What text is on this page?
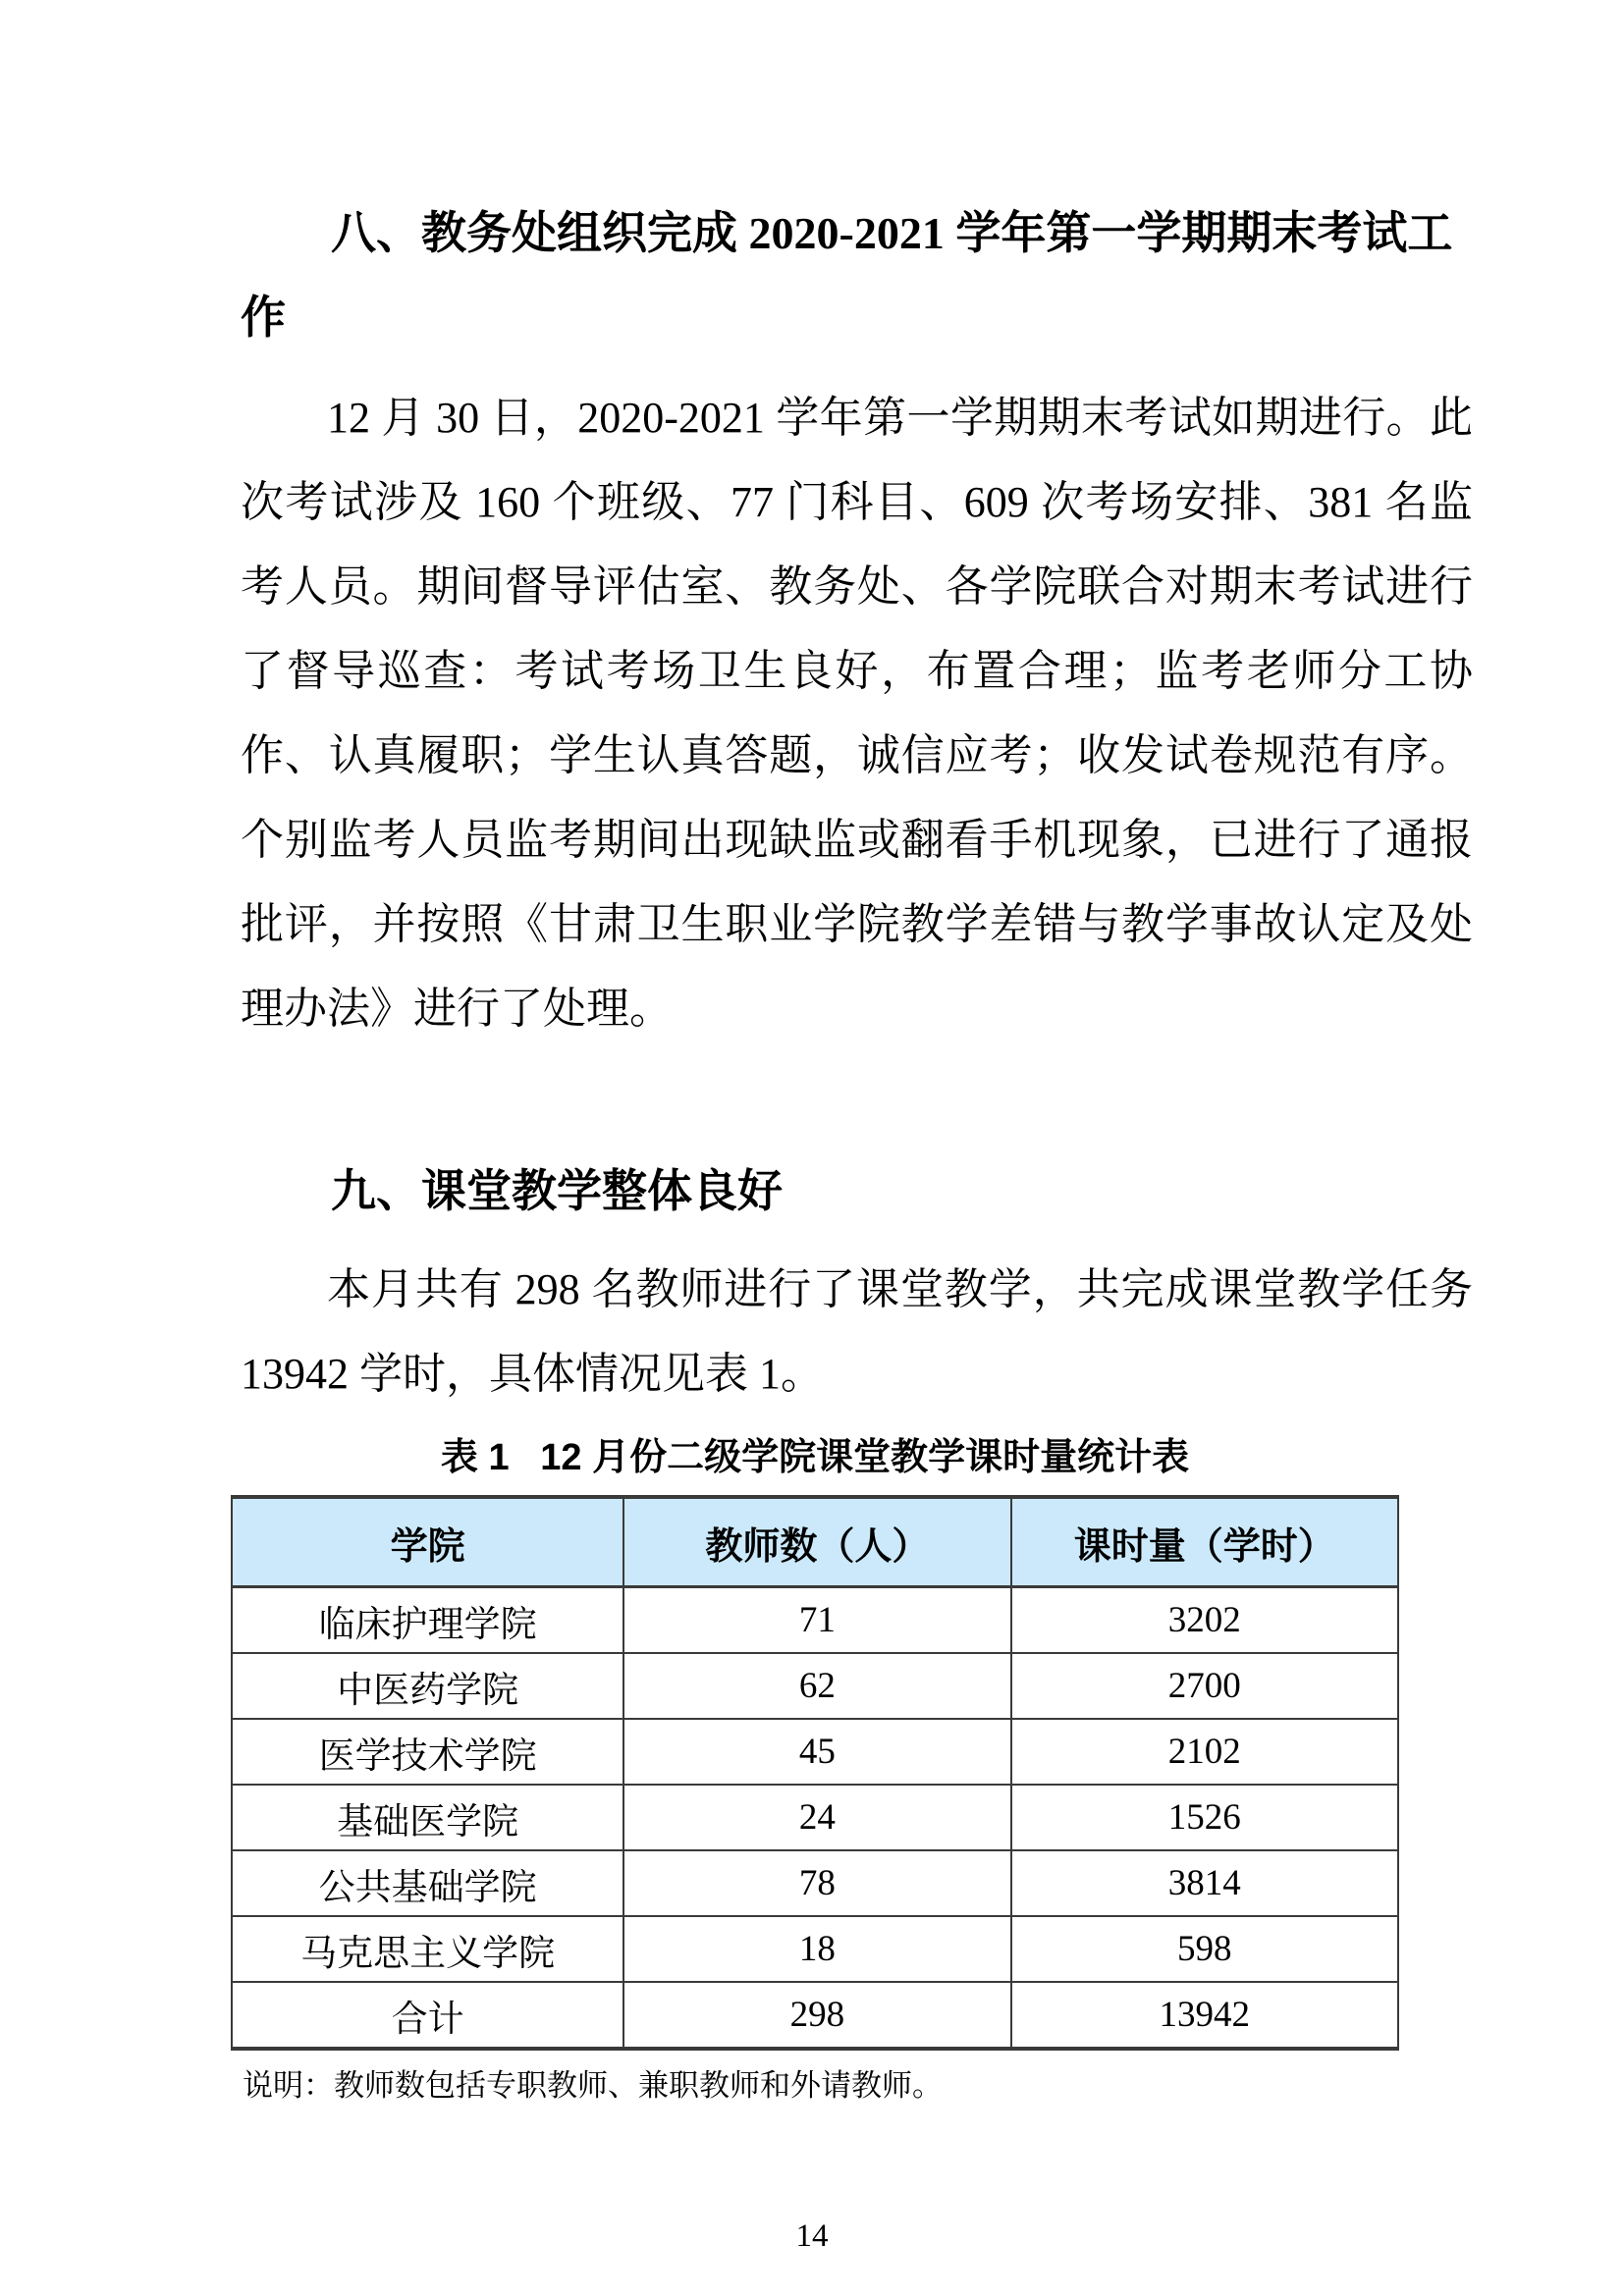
八、教务处组织完成 2020-2021 学年第一学期期末考试工作

12 月 30 日，2020-2021 学年第一学期期末考试如期进行。此次考试涉及 160 个班级、77 门科目、609 次考场安排、381 名监考人员。期间督导评估室、教务处、各学院联合对期末考试进行了督导巡查：考试考场卫生良好，布置合理；监考老师分工协作、认真履职；学生认真答题，诚信应考；收发试卷规范有序。个别监考人员监考期间出现缺监或翻看手机现象，已进行了通报批评，并按照《甘肃卫生职业学院教学差错与教学事故认定及处理办法》进行了处理。

九、课堂教学整体良好

本月共有 298 名教师进行了课堂教学，共完成课堂教学任务 13942 学时，具体情况见表 1。

表 1   12 月份二级学院课堂教学课时量统计表
学院	教师数（人）	课时量（学时）
临床护理学院	71	3202
中医药学院	62	2700
医学技术学院	45	2102
基础医学院	24	1526
公共基础学院	78	3814
马克思主义学院	18	598
合计	298	13942
说明：教师数包括专职教师、兼职教师和外请教师。
14
